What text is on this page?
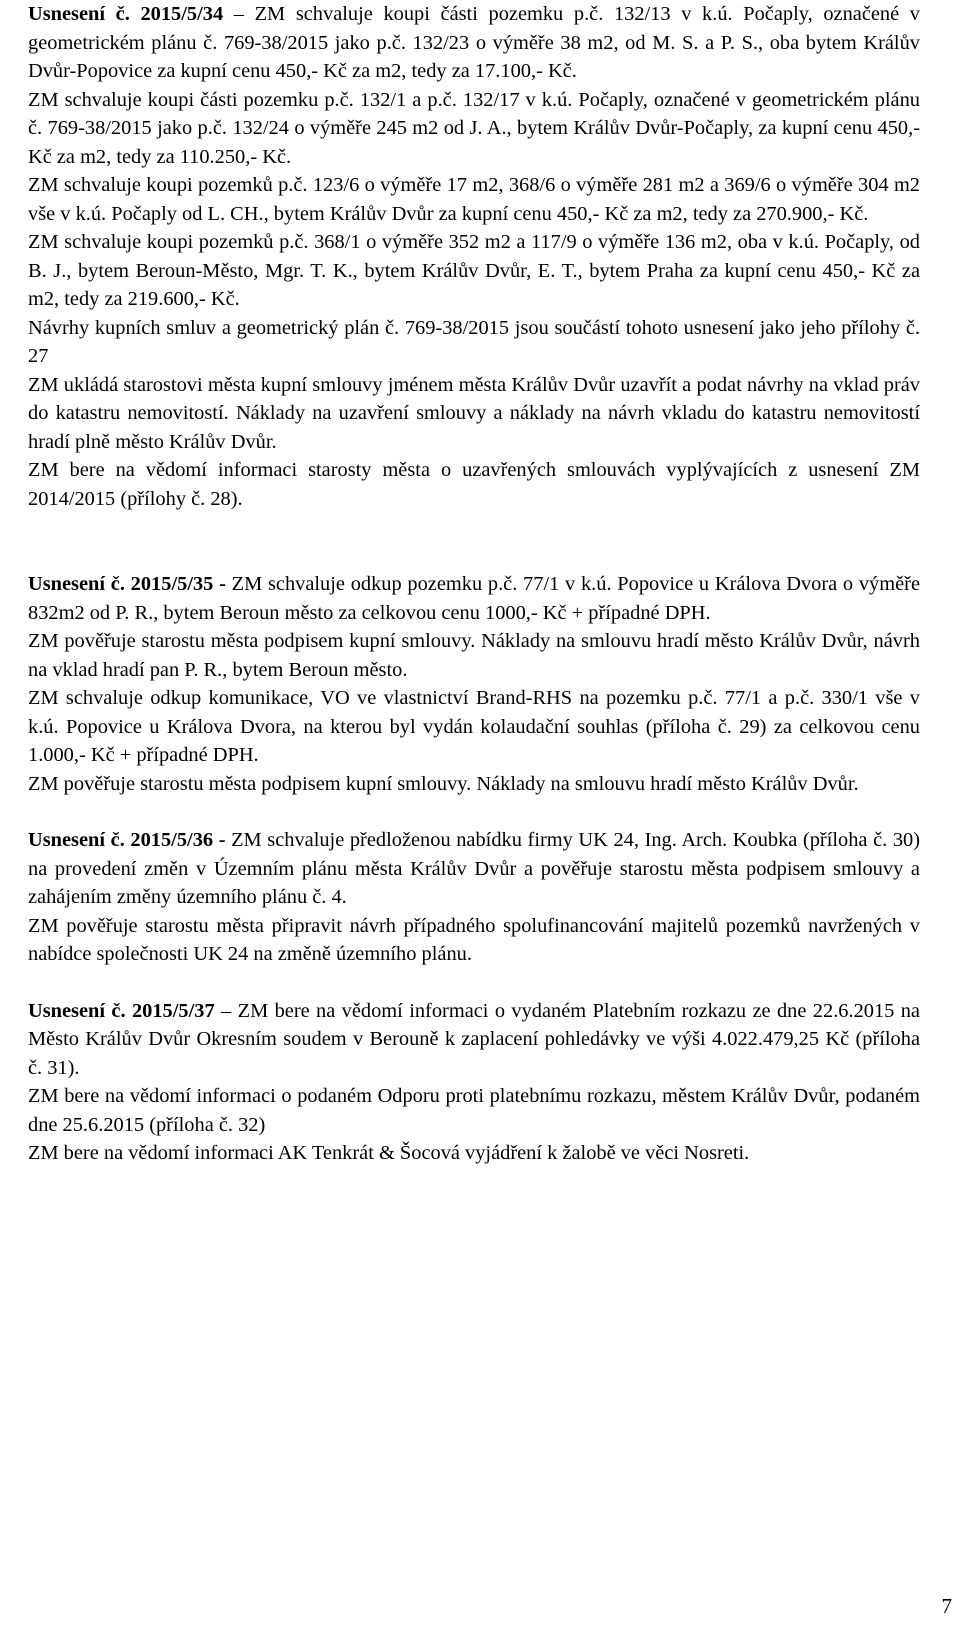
Usnesení č. 2015/5/34 – ZM schvaluje koupi části pozemku p.č. 132/13 v k.ú. Počaply, označené v geometrickém plánu č. 769-38/2015 jako p.č. 132/23 o výměře 38 m2, od M. S. a P. S., oba bytem Králův Dvůr-Popovice za kupní cenu 450,- Kč za m2, tedy za 17.100,- Kč.

ZM schvaluje koupi části pozemku p.č. 132/1 a p.č. 132/17 v k.ú. Počaply, označené v geometrickém plánu č. 769-38/2015 jako p.č. 132/24 o výměře 245 m2 od J. A., bytem Králův Dvůr-Počaply, za kupní cenu 450,- Kč za m2, tedy za 110.250,- Kč.

ZM schvaluje koupi pozemků p.č. 123/6 o výměře 17 m2, 368/6 o výměře 281 m2 a 369/6 o výměře 304 m2 vše v k.ú. Počaply od L. CH., bytem Králův Dvůr za kupní cenu 450,- Kč za m2, tedy za 270.900,- Kč.

ZM schvaluje koupi pozemků p.č. 368/1 o výměře 352 m2 a 117/9 o výměře 136 m2, oba v k.ú. Počaply, od B. J., bytem Beroun-Město, Mgr. T. K., bytem Králův Dvůr, E. T., bytem Praha za kupní cenu 450,- Kč za m2, tedy za 219.600,- Kč.

Návrhy kupních smluv a geometrický plán č. 769-38/2015 jsou součástí tohoto usnesení jako jeho přílohy č. 27

ZM ukládá starostovi města kupní smlouvy jménem města Králův Dvůr uzavřít a podat návrhy na vklad práv do katastru nemovitostí. Náklady na uzavření smlouvy a náklady na návrh vkladu do katastru nemovitostí hradí plně město Králův Dvůr.

ZM bere na vědomí informaci starosty města o uzavřených smlouvách vyplývajících z usnesení ZM 2014/2015 (přílohy č. 28).

Usnesení č. 2015/5/35 - ZM schvaluje odkup pozemku p.č. 77/1 v k.ú. Popovice u Králova Dvora o výměře 832m2 od P. R., bytem Beroun město za celkovou cenu 1000,- Kč + případné DPH.

ZM pověřuje starostu města podpisem kupní smlouvy. Náklady na smlouvu hradí město Králův Dvůr, návrh na vklad hradí pan P. R., bytem Beroun město.

ZM schvaluje odkup komunikace, VO ve vlastnictví Brand-RHS na pozemku p.č. 77/1 a p.č. 330/1 vše v k.ú. Popovice u Králova Dvora, na kterou byl vydán kolaudační souhlas (příloha č. 29) za celkovou cenu 1.000,- Kč + případné DPH.

ZM pověřuje starostu města podpisem kupní smlouvy. Náklady na smlouvu hradí město Králův Dvůr.

Usnesení č. 2015/5/36 - ZM schvaluje předloženou nabídku firmy UK 24, Ing. Arch. Koubka (příloha č. 30) na provedení změn v Územním plánu města Králův Dvůr a pověřuje starostu města podpisem smlouvy a zahájením změny územního plánu č. 4.

ZM pověřuje starostu města připravit návrh případného spolufinancování majitelů pozemků navržených v nabídce společnosti UK 24 na změně územního plánu.

Usnesení č. 2015/5/37 – ZM bere na vědomí informaci o vydaném Platebním rozkazu ze dne 22.6.2015 na Město Králův Dvůr Okresním soudem v Berouně k zaplacení pohledávky ve výši 4.022.479,25 Kč (příloha č. 31).

ZM bere na vědomí informaci o podaném Odporu proti platebnímu rozkazu, městem Králův Dvůr, podaném dne 25.6.2015 (příloha č. 32)

ZM bere na vědomí informaci AK Tenkrát & Šocová vyjádření k žalobě ve věci Nosreti.

7
